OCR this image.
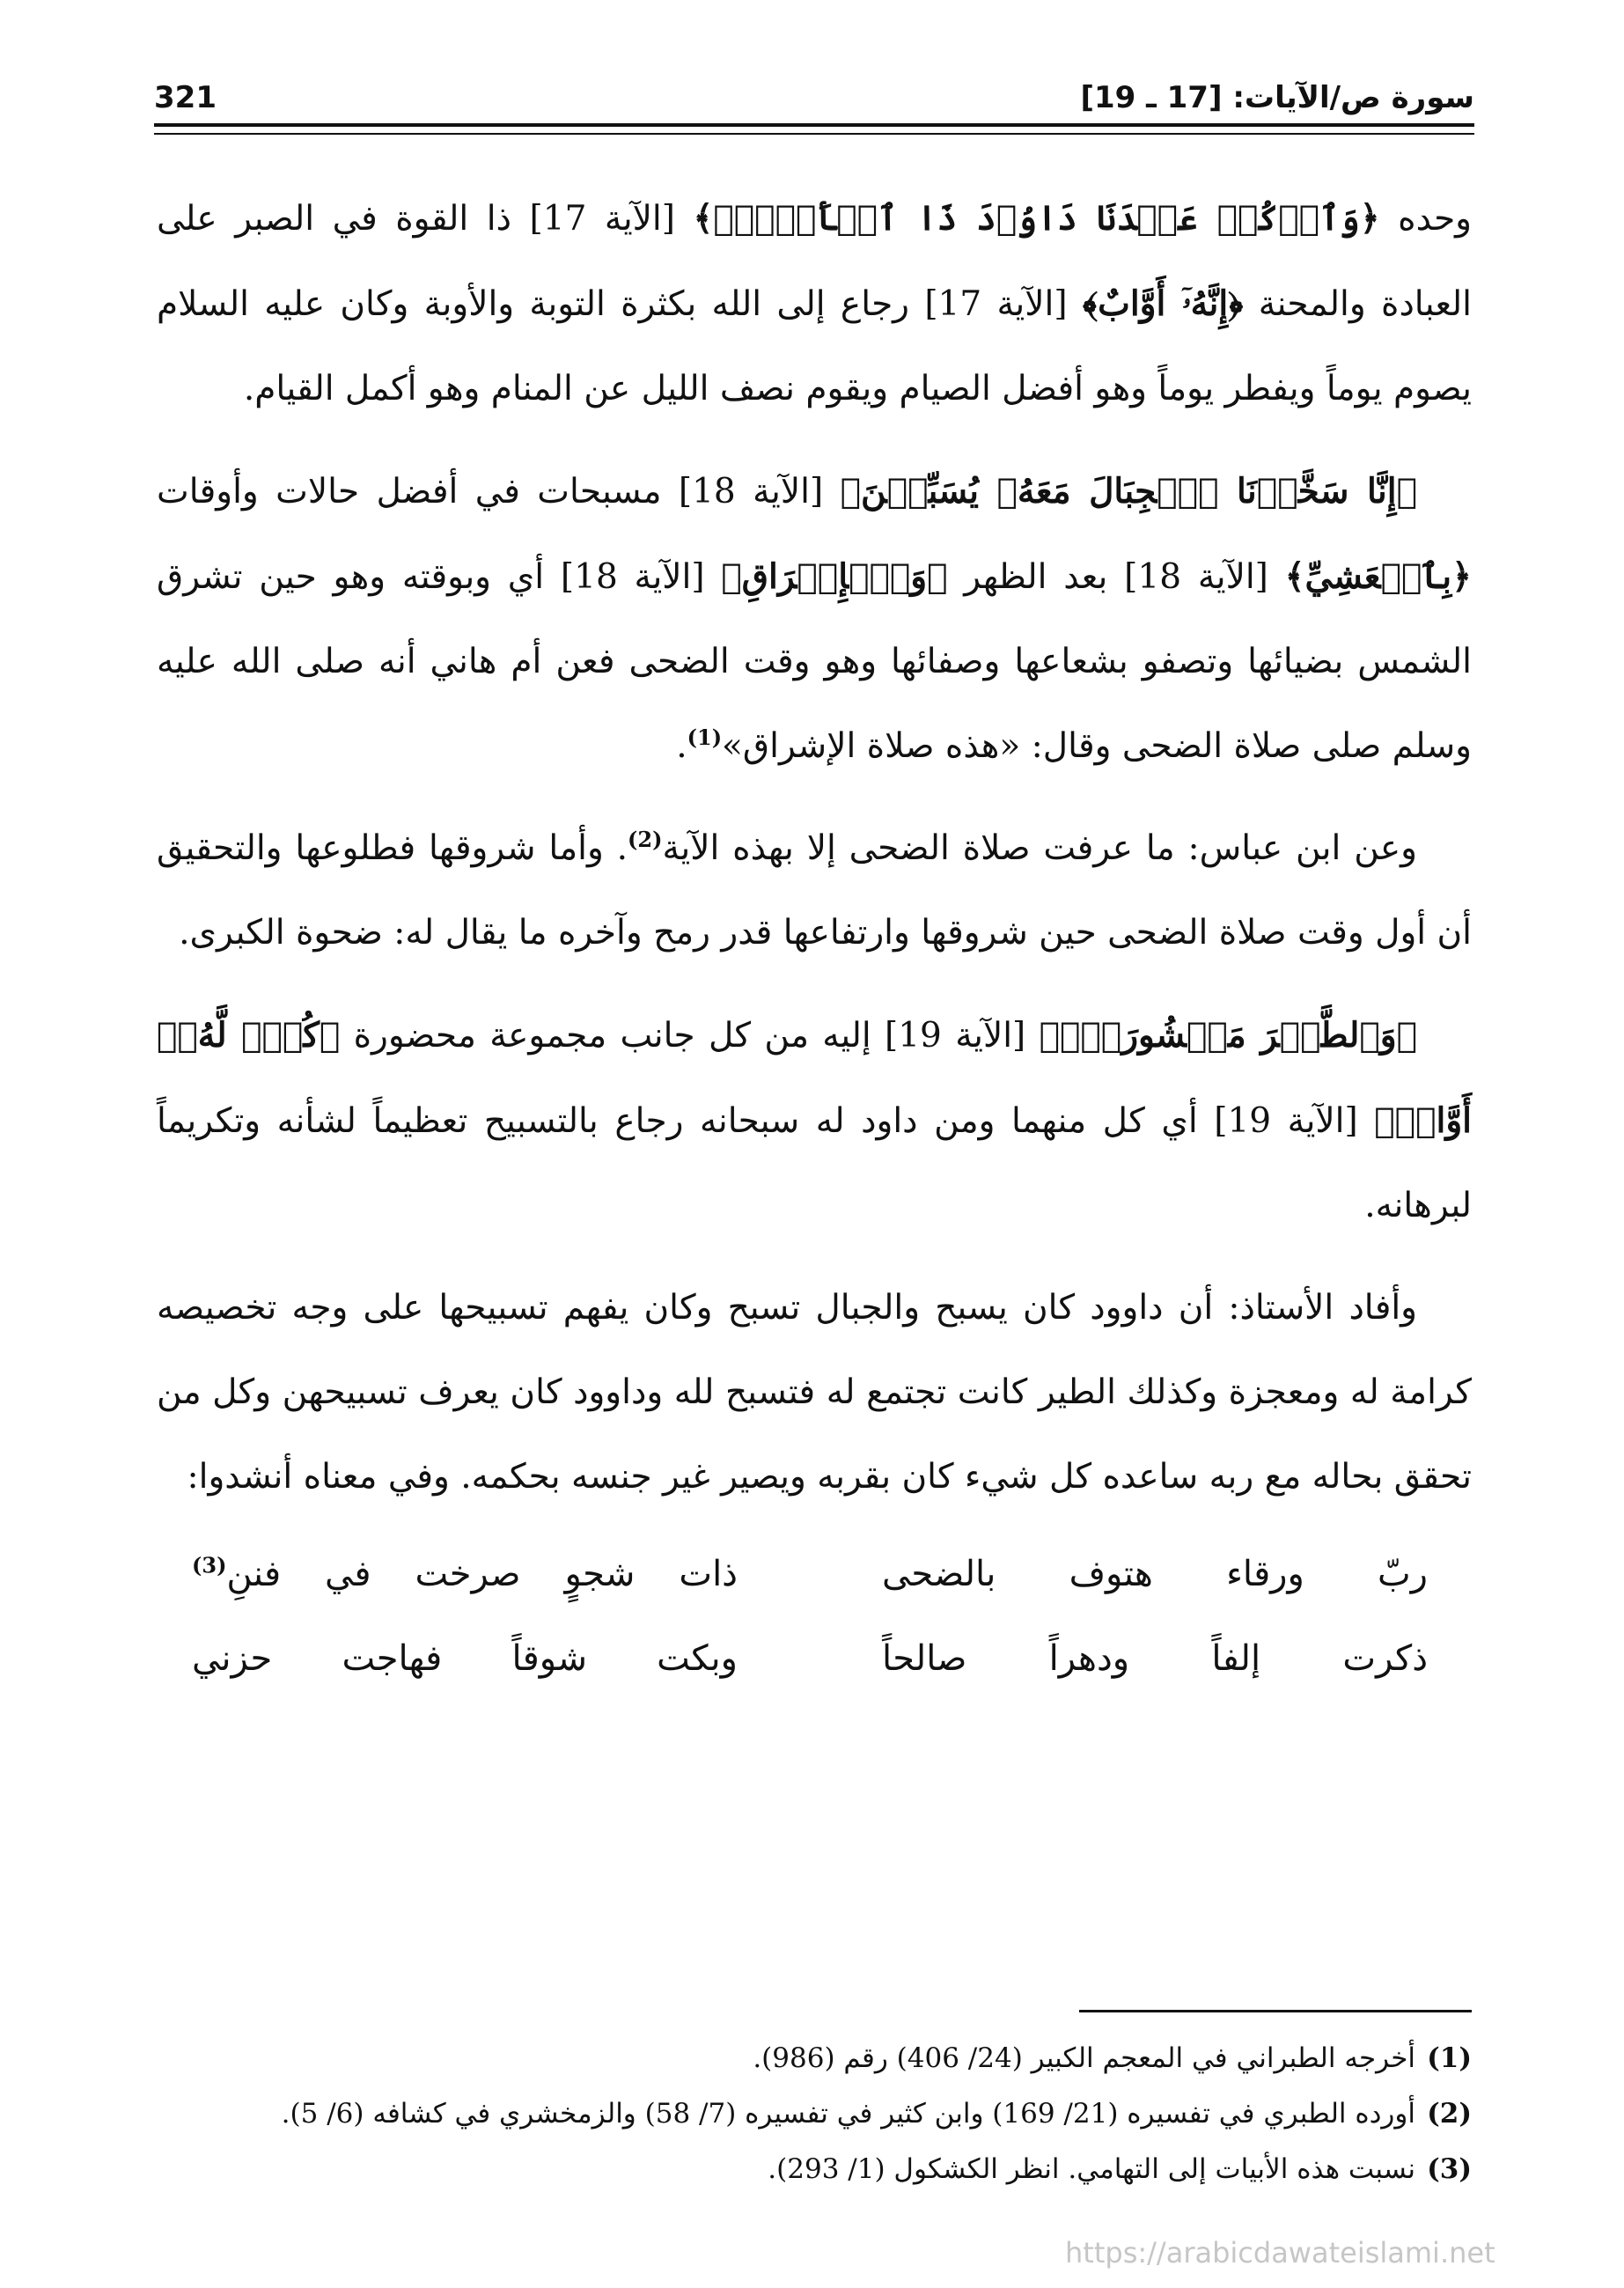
سورة ص/الآيات: [17 ـ 19]
321

وحده ﴿وَٱذۡكُرۡ عَبۡدَنَا دَاوُۥدَ ذَا ٱلۡأَيۡدِۖ﴾ [الآية 17] ذا القوة في الصبر على العبادة والمحنة ﴿إِنَّهُۥٓ أَوَّابٌ﴾ [الآية 17] رجاع إلى الله بكثرة التوبة والأوبة وكان عليه السلام يصوم يوماً ويفطر يوماً وهو أفضل الصيام ويقوم نصف الليل عن المنام وهو أكمل القيام.

﴿إِنَّا سَخَّرۡنَا ٱلۡجِبَالَ مَعَهُۥ يُسَبِّحۡنَ﴾ [الآية 18] مسبحات في أفضل حالات وأوقات ﴿بِٱلۡعَشِيِّ﴾ [الآية 18] بعد الظهر ﴿وَٱلۡإِشۡرَاقِ﴾ [الآية 18] أي وبوقته وهو حين تشرق الشمس بضيائها وتصفو بشعاعها وصفائها وهو وقت الضحى فعن أم هاني أنه صلى الله عليه وسلم صلى صلاة الضحى وقال: «هذه صلاة الإشراق»$^{(1)}$.

وعن ابن عباس: ما عرفت صلاة الضحى إلا بهذه الآية$^{(2)}$. وأما شروقها فطلوعها والتحقيق أن أول وقت صلاة الضحى حين شروقها وارتفاعها قدر رمح وآخره ما يقال له: ضحوة الكبرى.

﴿وَٱلطَّيۡرَ مَحۡشُورَةٗۖ﴾ [الآية 19] إليه من كل جانب مجموعة محضورة ﴿كُلّٞ لَّهُۥٓ أَوَّابٞ﴾ [الآية 19] أي كل منهما ومن داود له سبحانه رجاع بالتسبيح تعظيماً لشأنه وتكريماً لبرهانه.

وأفاد الأستاذ: أن داوود كان يسبح والجبال تسبح وكان يفهم تسبيحها على وجه تخصيصه كرامة له ومعجزة وكذلك الطير كانت تجتمع له فتسبح لله وداوود كان يعرف تسبيحهن وكل من تحقق بحاله مع ربه ساعده كل شيء كان بقربه ويصير غير جنسه بحكمه. وفي معناه أنشدوا:

ربّ ورقاء هتوف بالضحى
ذات شجوٍ صرخت في فننِ$^{(3)}$
ذكرت إلفاً ودهراً صالحاً
وبكت شوقاً فهاجت حزني
(1)
أخرجه الطبراني في المعجم الكبير (24/ 406) رقم (986).
(2)
أورده الطبري في تفسيره (21/ 169) وابن كثير في تفسيره (7/ 58) والزمخشري في كشافه (6/ 5).
(3)
نسبت هذه الأبيات إلى التهامي. انظر الكشكول (1/ 293).
https://arabicdawateislami.net
